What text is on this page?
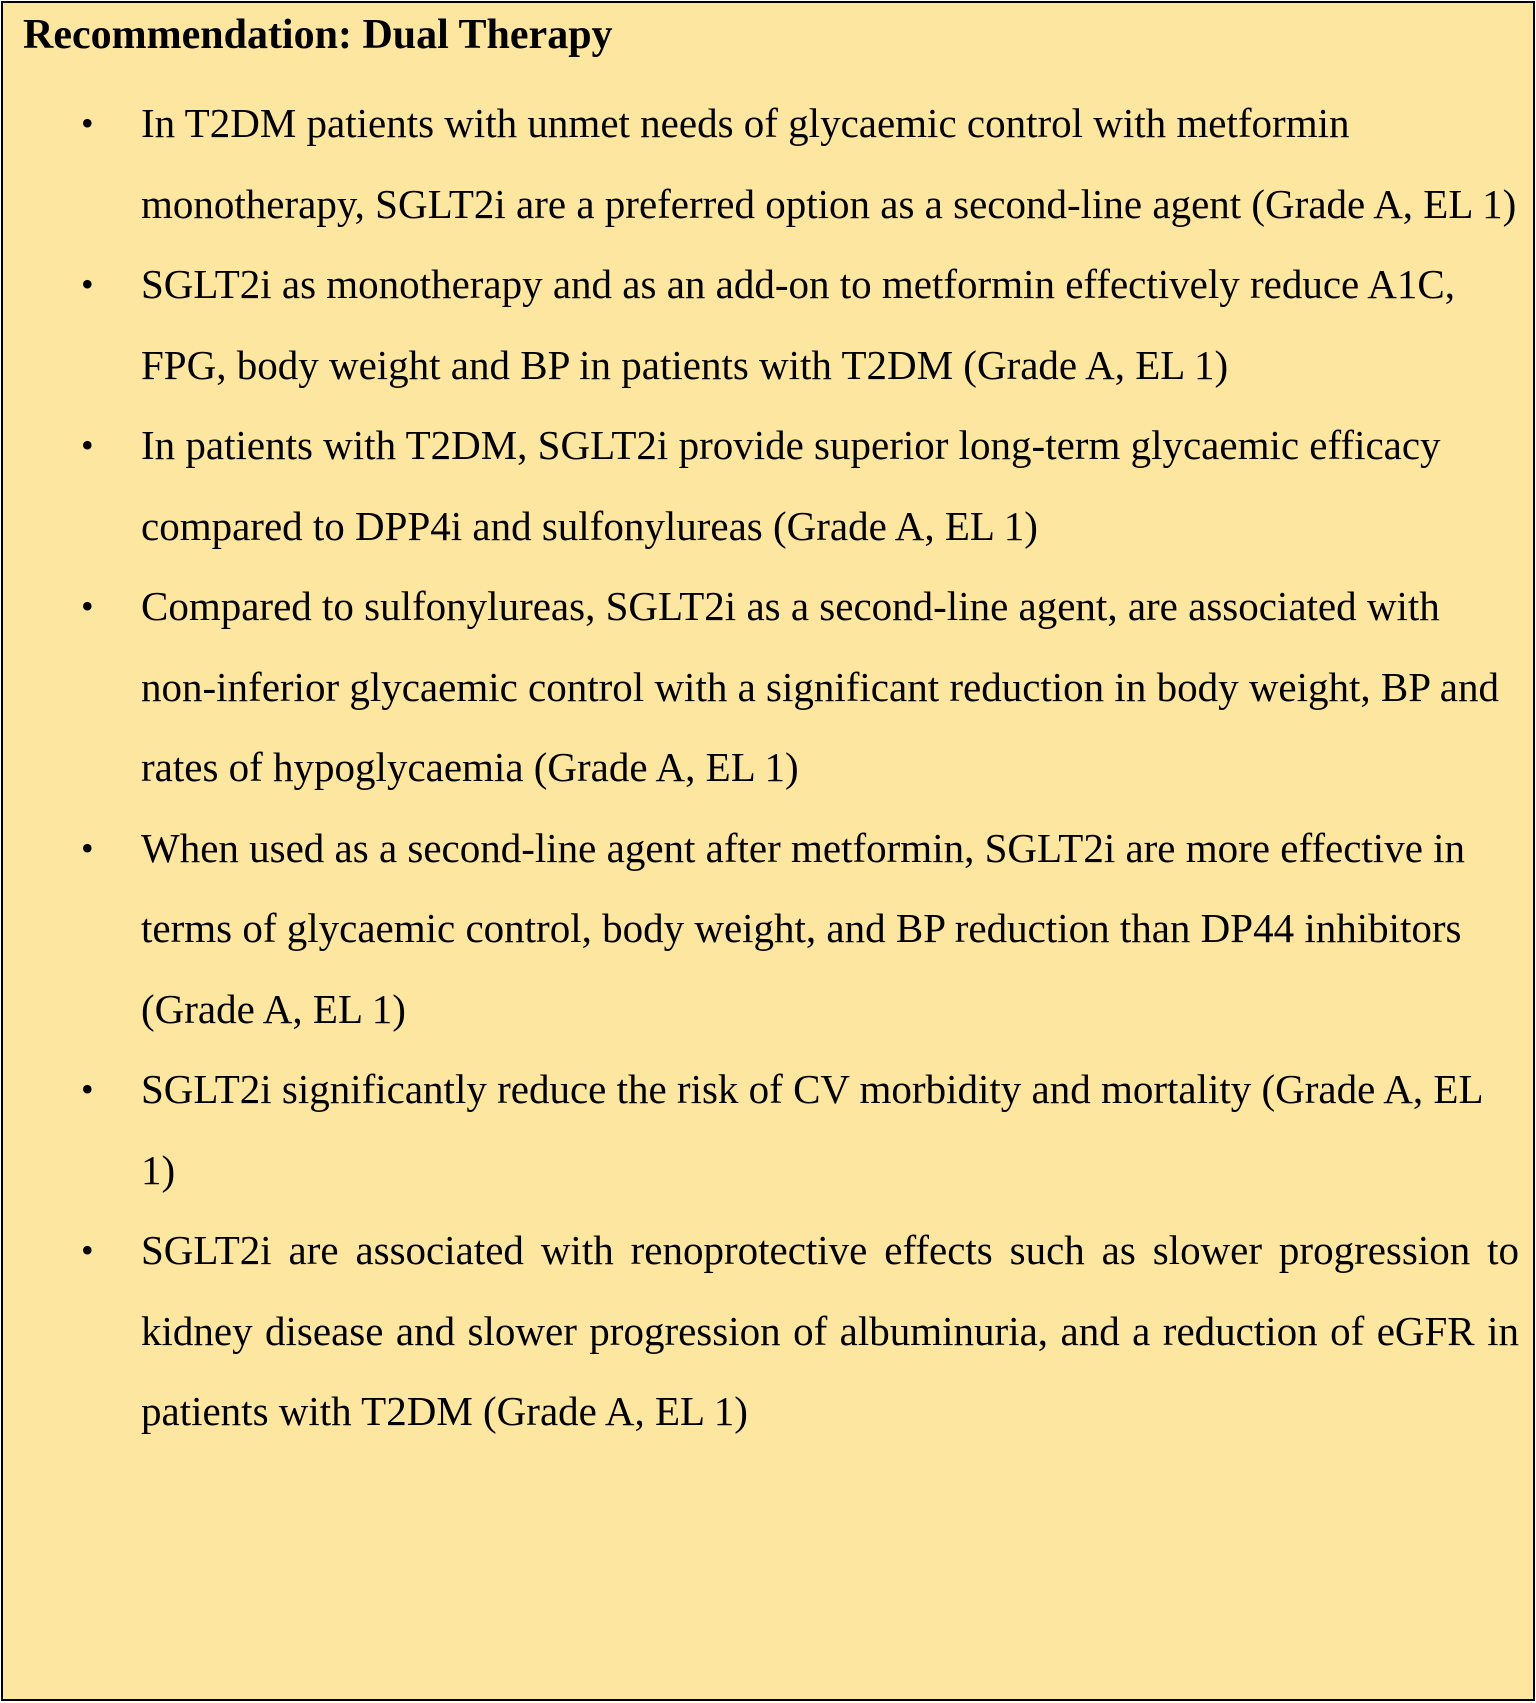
Recommendation: Dual Therapy
• In T2DM patients with unmet needs of glycaemic control with metformin monotherapy, SGLT2i are a preferred option as a second-line agent (Grade A, EL 1)
• SGLT2i as monotherapy and as an add-on to metformin effectively reduce A1C, FPG, body weight and BP in patients with T2DM (Grade A, EL 1)
• In patients with T2DM, SGLT2i provide superior long-term glycaemic efficacy compared to DPP4i and sulfonylureas (Grade A, EL 1)
• Compared to sulfonylureas, SGLT2i as a second-line agent, are associated with non-inferior glycaemic control with a significant reduction in body weight, BP and rates of hypoglycaemia (Grade A, EL 1)
• When used as a second-line agent after metformin, SGLT2i are more effective in terms of glycaemic control, body weight, and BP reduction than DP44 inhibitors (Grade A, EL 1)
• SGLT2i significantly reduce the risk of CV morbidity and mortality (Grade A, EL 1)
• SGLT2i are associated with renoprotective effects such as slower progression to kidney disease and slower progression of albuminuria, and a reduction of eGFR in patients with T2DM (Grade A, EL 1)
